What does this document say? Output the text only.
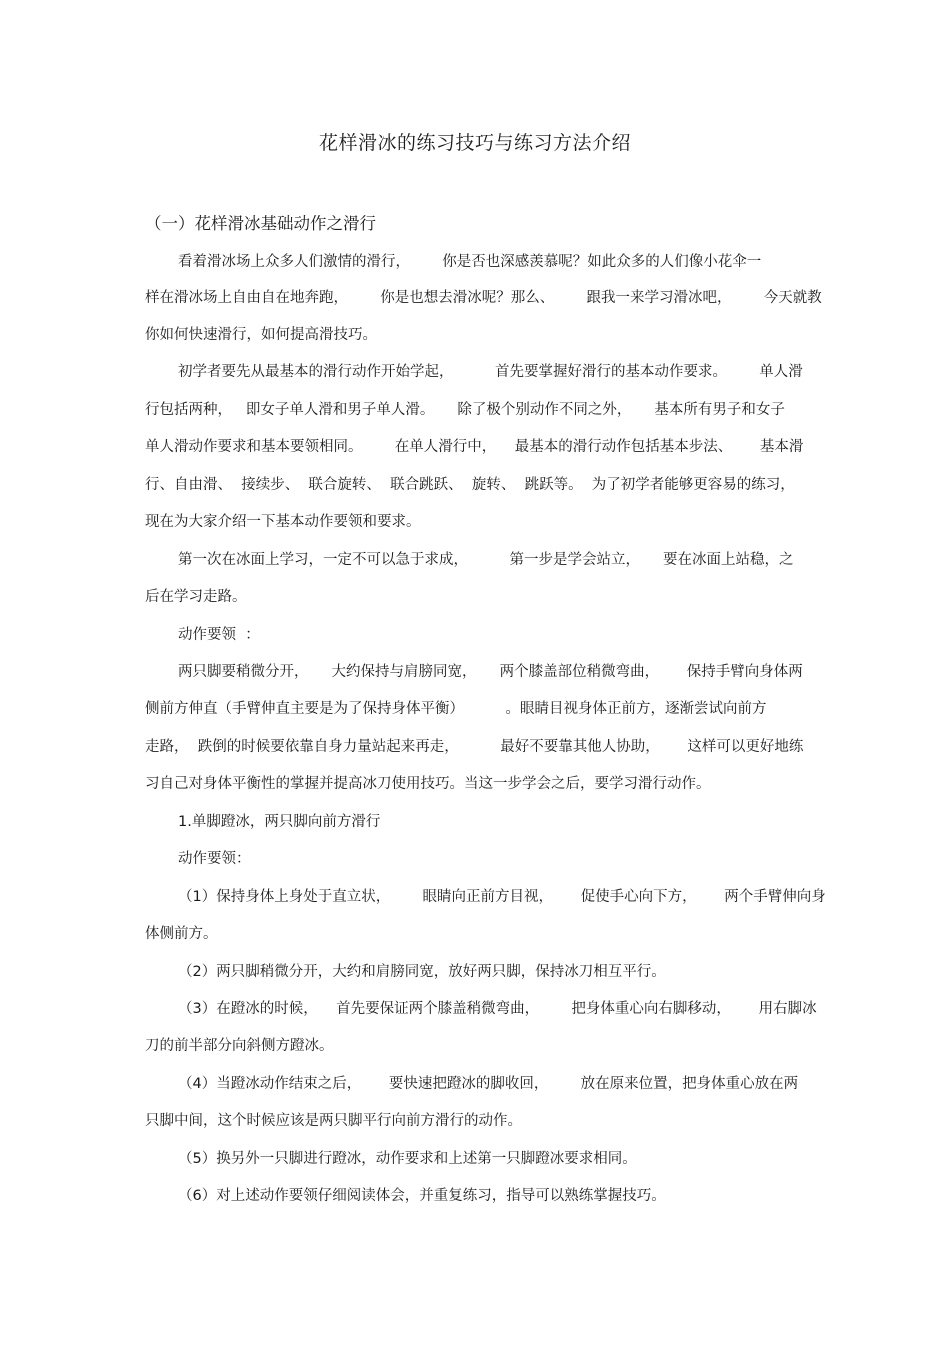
花样滑冰的练习技巧与练习方法介绍
（一）花样滑冰基础动作之滑行
看着滑冰场上众多人们激情的滑行，       你是否也深感羡慕呢？如此众多的人们像小花伞一
样在滑冰场上自由自在地奔跑，       你是也想去滑冰呢？那么、       跟我一来学习滑冰吧，       今天就教
你如何快速滑行，如何提高滑技巧。
初学者要先从最基本的滑行动作开始学起，         首先要掌握好滑行的基本动作要求。       单人滑
行包括两种，   即女子单人滑和男子单人滑。     除了极个别动作不同之外，     基本所有男子和女子
单人滑动作要求和基本要领相同。       在单人滑行中，    最基本的滑行动作包括基本步法、      基本滑
行、自由滑、  接续步、  联合旋转、  联合跳跃、  旋转、  跳跃等。  为了初学者能够更容易的练习，
现在为大家介绍一下基本动作要领和要求。
第一次在冰面上学习，一定不可以急于求成，         第一步是学会站立，     要在冰面上站稳，之
后在学习走路。
动作要领  ：
两只脚要稍微分开，     大约保持与肩膀同宽，     两个膝盖部位稍微弯曲，      保持手臂向身体两
侧前方伸直（手臂伸直主要是为了保持身体平衡）         。眼睛目视身体正前方，逐渐尝试向前方
走路，  跌倒的时候要依靠自身力量站起来再走，         最好不要靠其他人协助，      这样可以更好地练
习自己对身体平衡性的掌握并提高冰刀使用技巧。当这一步学会之后，要学习滑行动作。
1.单脚蹬冰，两只脚向前方滑行
动作要领：
（1）保持身体上身处于直立状，       眼睛向正前方目视，      促使手心向下方，      两个手臂伸向身
体侧前方。
（2）两只脚稍微分开，大约和肩膀同宽，放好两只脚，保持冰刀相互平行。
（3）在蹬冰的时候，    首先要保证两个膝盖稍微弯曲，       把身体重心向右脚移动，      用右脚冰
刀的前半部分向斜侧方蹬冰。
（4）当蹬冰动作结束之后，      要快速把蹬冰的脚收回，       放在原来位置，把身体重心放在两
只脚中间，这个时候应该是两只脚平行向前方滑行的动作。
（5）换另外一只脚进行蹬冰，动作要求和上述第一只脚蹬冰要求相同。
（6）对上述动作要领仔细阅读体会，并重复练习，指导可以熟练掌握技巧。
